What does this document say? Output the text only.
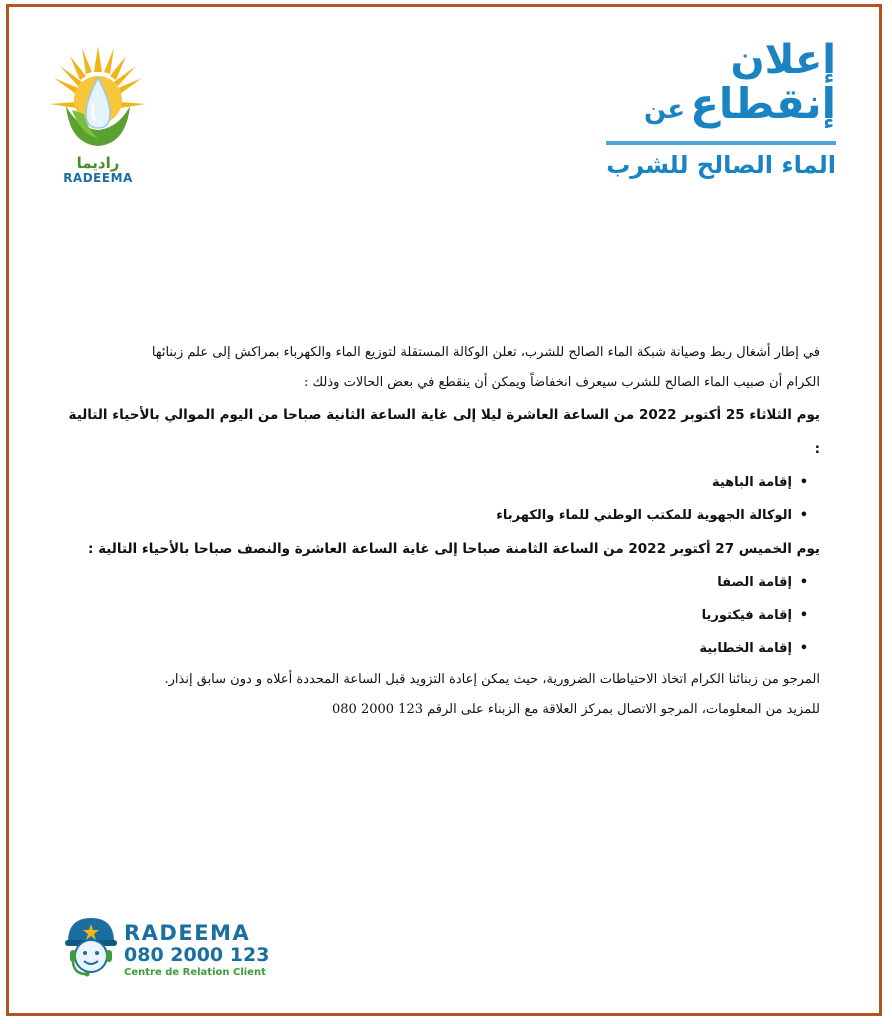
راديما
RADEEMA
إعلان
إنقطاع عن
الماء الصالح للشرب

في إطار أشغال ربط وصيانة شبكة الماء الصالح للشرب، تعلن الوكالة المستقلة لتوزيع الماء والكهرباء بمراكش إلى علم زبنائها

الكرام أن صبيب الماء الصالح للشرب سيعرف انخفاضاً ويمكن أن ينقطع في بعض الحالات وذلك :

يوم الثلاثاء 25 أكتوبر 2022 من الساعة العاشرة ليلا إلى غاية الساعة الثانية صباحا من اليوم الموالي بالأحياء التالية :

• إقامة الباهية
• الوكالة الجهوية للمكتب الوطني للماء والكهرباء

يوم الخميس 27 أكتوبر 2022 من الساعة الثامنة صباحا إلى غاية الساعة العاشرة والنصف صباحا بالأحياء التالية :

• إقامة الصفا
• إقامة فيكتوريا
• إقامة الخطابية

المرجو من زبنائنا الكرام اتخاذ الاحتياطات الضرورية، حيث يمكن إعادة التزويد قبل الساعة المحددة أعلاه و دون سابق إنذار.

للمزيد من المعلومات، المرجو الاتصال بمركز العلاقة مع الزبناء على الرقم 123 2000 080

RADEEMA
080 2000 123
Centre de Relation Client
